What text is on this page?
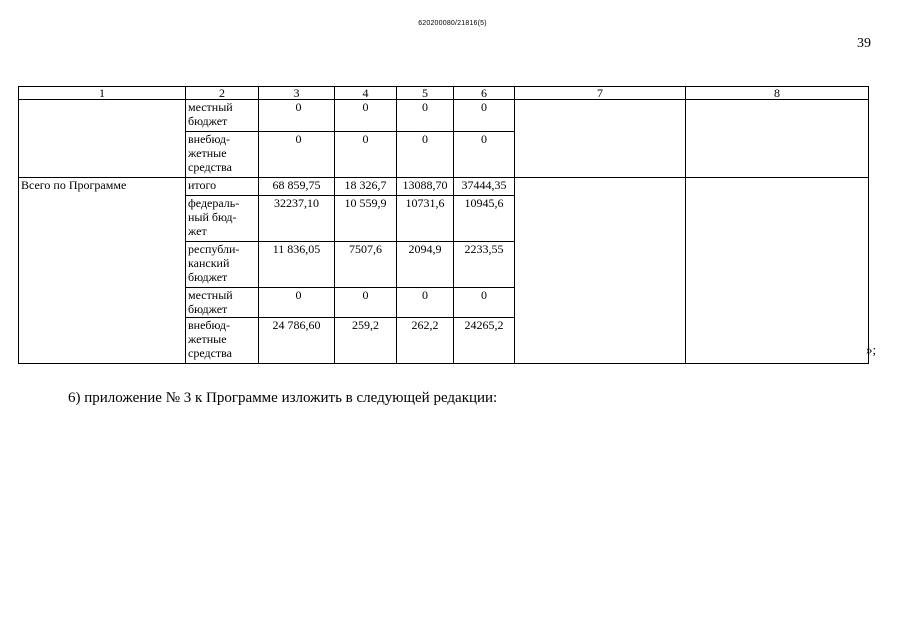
620200080/21816(5)
39
1	2	3	4	5	6	7	8
	местный
бюджет	0	0	0	0		
	внебюд-
жетные
средства	0	0	0	0		
Всего по Программе	итого	68 859,75	18 326,7	13088,70	37444,35		
	федераль-
ный бюд-
жет	32237,10	10 559,9	10731,6	10945,6		
	республи-
канский
бюджет	11 836,05	7507,6	2094,9	2233,55		
	местный
бюджет	0	0	0	0		
	внебюд-
жетные
средства	24 786,60	259,2	262,2	24265,2		
»;
6) приложение № 3 к Программе изложить в следующей редакции:
